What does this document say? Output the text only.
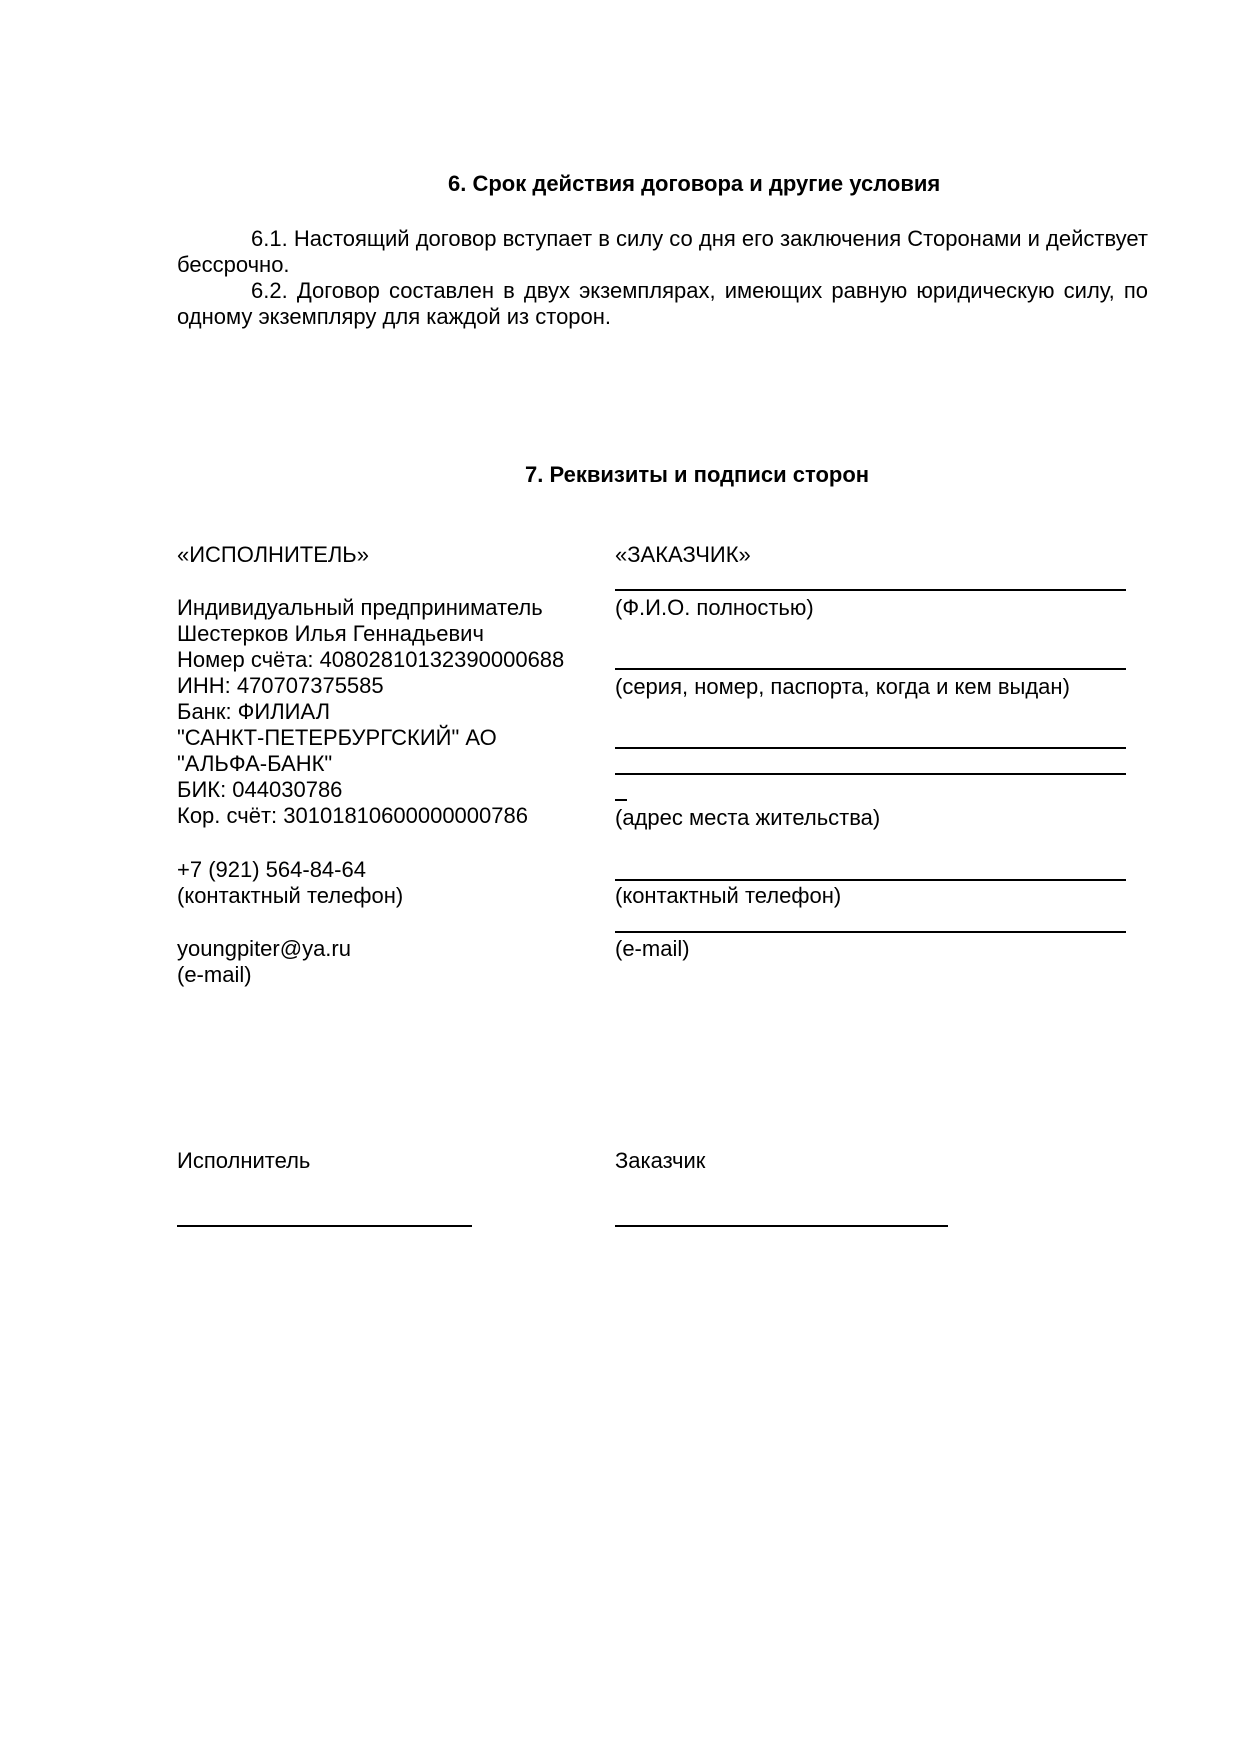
6. Срок действия договора и другие условия

6.1. Настоящий договор вступает в силу со дня его заключения Сторонами и действует бессрочно.

6.2. Договор составлен в двух экземплярах, имеющих равную юридическую силу, по одному экземпляру для каждой из сторон.

7. Реквизиты и подписи сторон
«ИСПОЛНИТЕЛЬ»
Индивидуальный предприниматель
Шестерков Илья Геннадьевич
Номер счёта: 40802810132390000688
ИНН: 470707375585
Банк: ФИЛИАЛ
"САНКТ-ПЕТЕРБУРГСКИЙ" АО
"АЛЬФА-БАНК"
БИК: 044030786
Кор. счёт: 30101810600000000786
+7 (921) 564-84-64
(контактный телефон)
youngpiter@ya.ru
(e-mail)
«ЗАКАЗЧИК»
(Ф.И.О. полностью)
(серия, номер, паспорта, когда и кем выдан)
(адрес места жительства)
(контактный телефон)
(e-mail)
Исполнитель	Заказчик
